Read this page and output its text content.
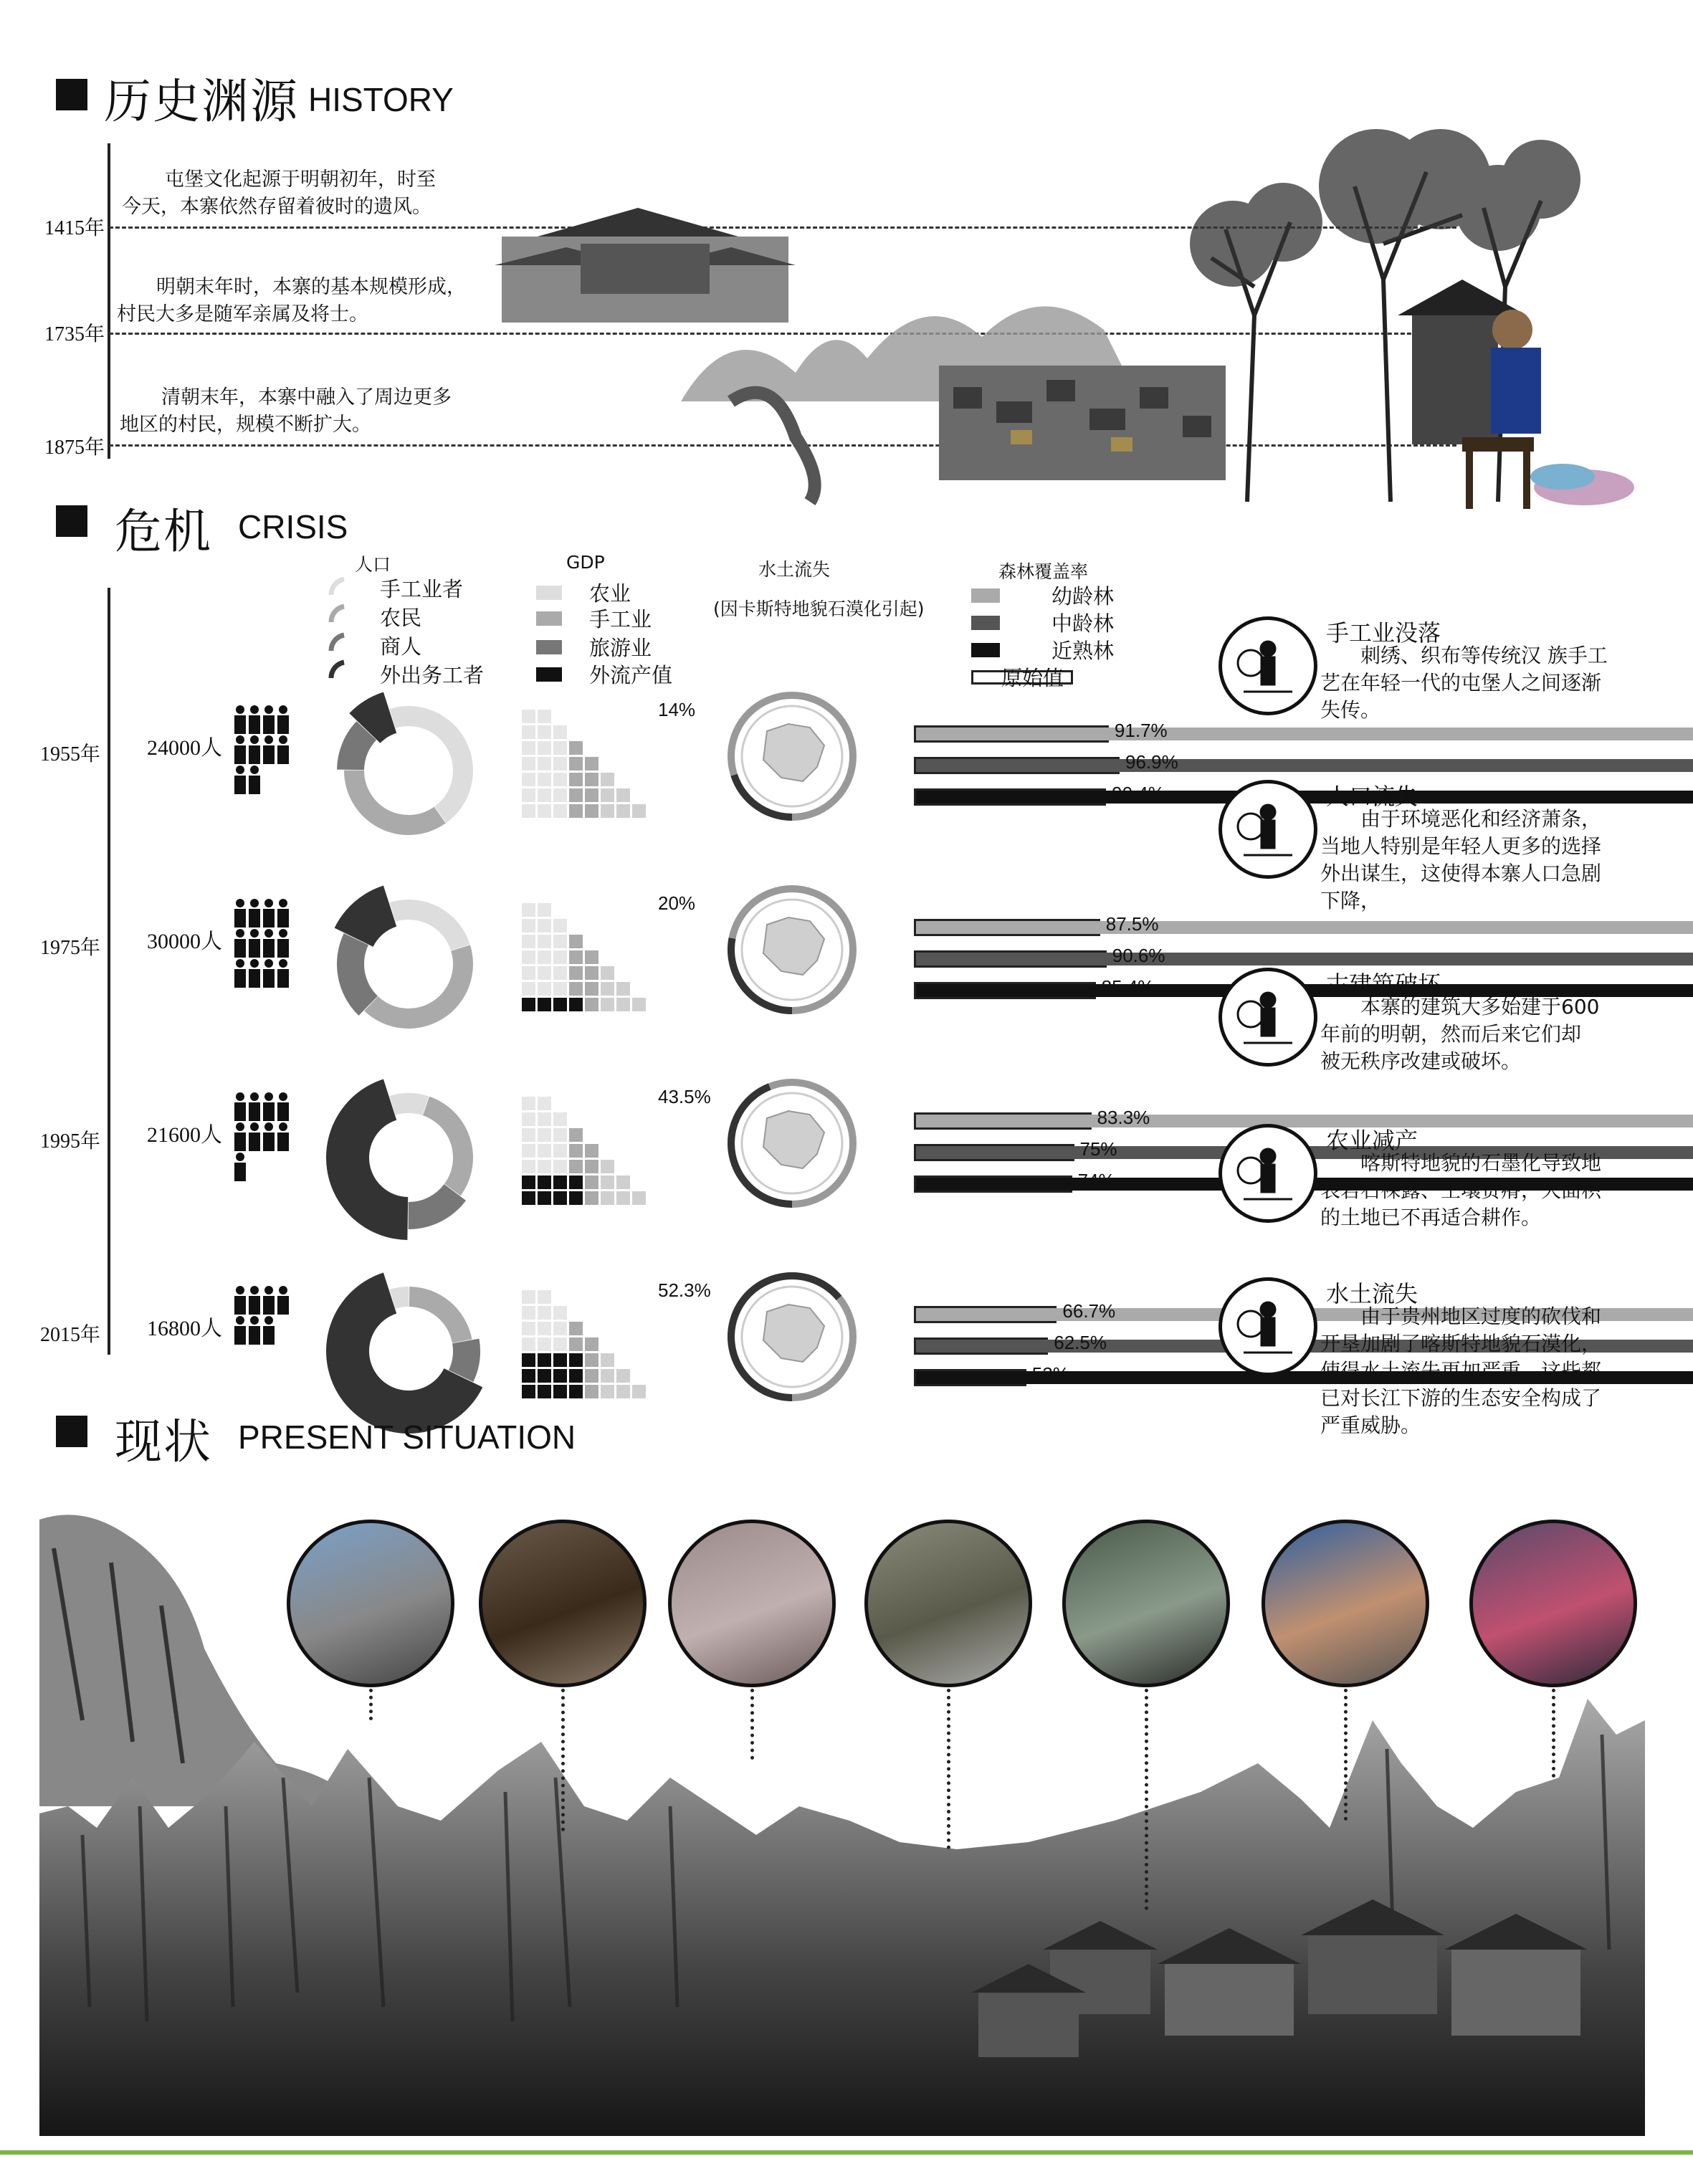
历史渊源 HISTORY
屯堡文化起源于明朝初年，时至
今天，本寨依然存留着彼时的遗风。
1415年
明朝末年时，本寨的基本规模形成，
村民大多是随军亲属及将士。
1735年
清朝末年，本寨中融入了周边更多
地区的村民，规模不断扩大。
1875年
危机 CRISIS
人口	GDP	水土流失
(因卡斯特地貌石漠化引起)
森林覆盖率
手工业者
农民
商人
外出务工者
农业
手工业
旅游业
外流产值
幼龄林
中龄林
近熟林
原始值
1955年 24000人
14%
91.7%
96.9%
90.4%
1975年 30000人
20%
87.5%
90.6%
85.4%
1995年 21600人
43.5%
83.3%
75%
74%
2015年 16800人
52.3%
66.7%
62.5%
52%
手工业没落
　　刺绣、织布等传统汉 族手工
艺在年轻一代的屯堡人之间逐渐
失传。
人口流失
　　由于环境恶化和经济萧条，
当地人特别是年轻人更多的选择
外出谋生，这使得本寨人口急剧
下降，
古建筑破坏
　　本寨的建筑大多始建于600
年前的明朝，然而后来它们却
被无秩序改建或破坏。
农业减产
　　喀斯特地貌的石墨化导致地
表岩石裸露、土壤贫瘠，大面积
的土地已不再适合耕作。
水土流失
　　由于贵州地区过度的砍伐和
开垦加剧了喀斯特地貌石漠化，
使得水土流失更加严重。这些都
已对长江下游的生态安全构成了
严重威胁。
现状 PRESENT SITUATION
